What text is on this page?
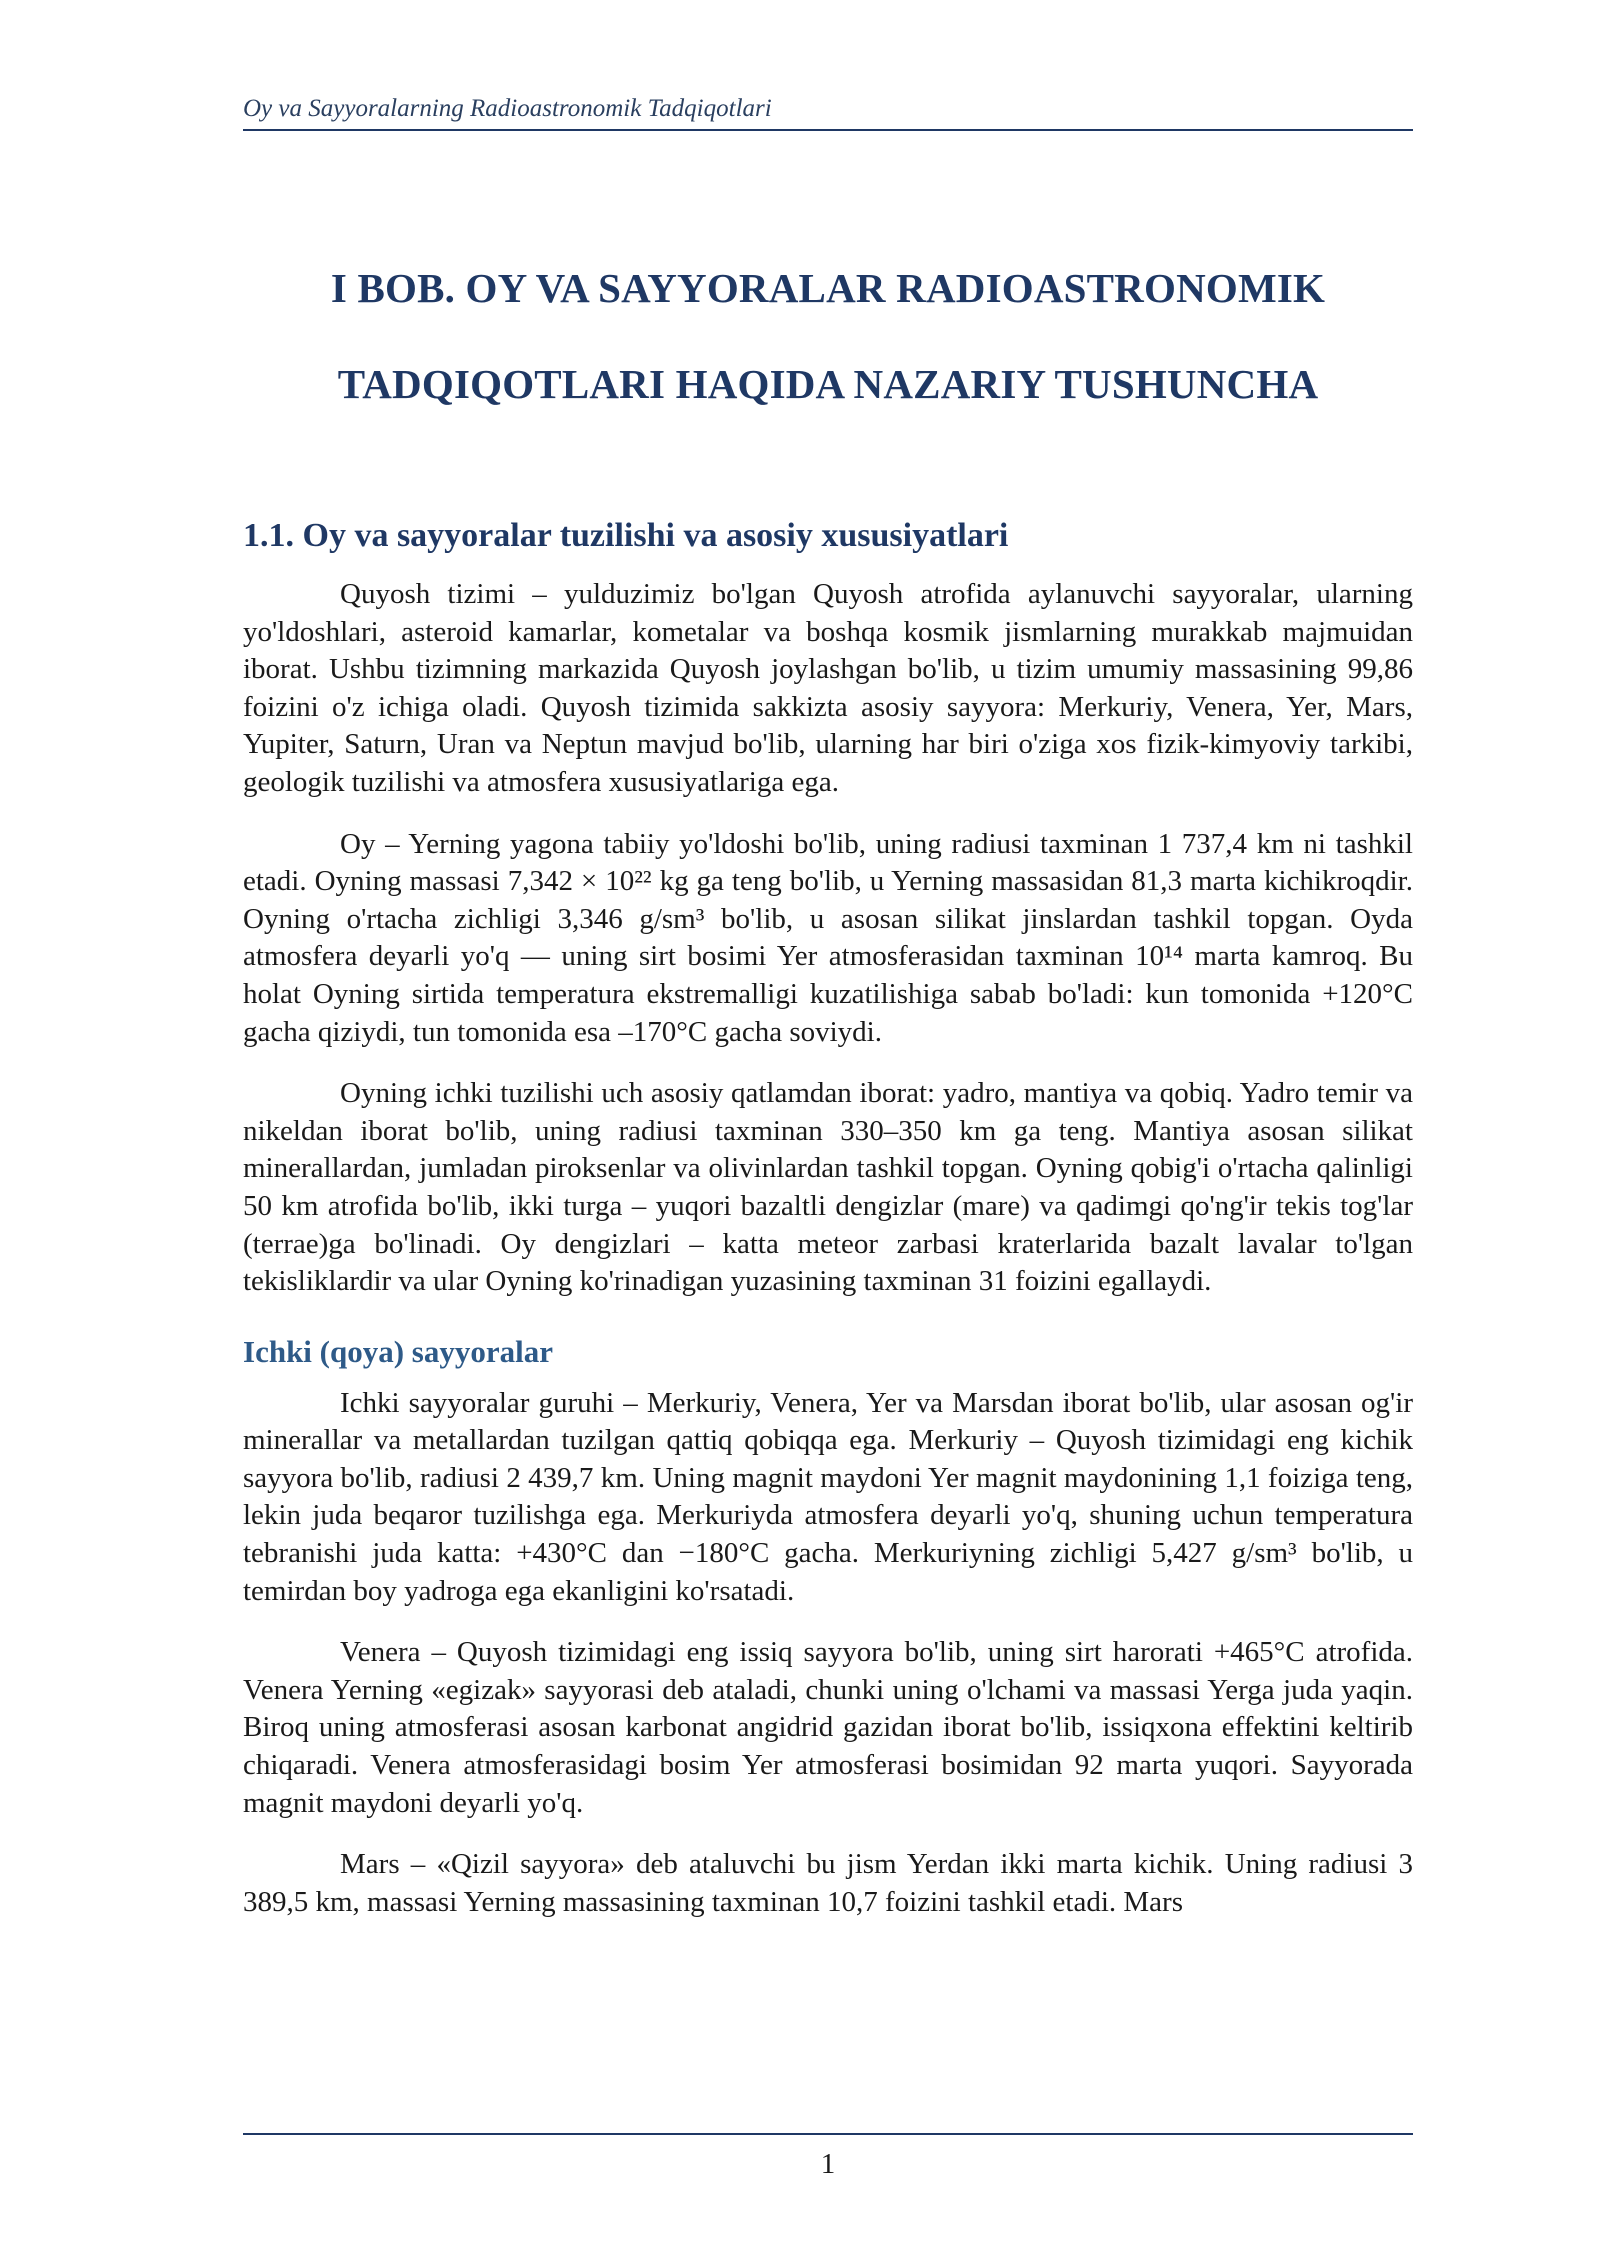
Oy va Sayyoralarning Radioastronomik Tadqiqotlari
I BOB. OY VA SAYYORALAR RADIOASTRONOMIK
TADQIQOTLARI HAQIDA NAZARIY TUSHUNCHA
1.1. Oy va sayyoralar tuzilishi va asosiy xususiyatlari

Quyosh tizimi – yulduzimiz bo'lgan Quyosh atrofida aylanuvchi sayyoralar, ularning yo'ldoshlari, asteroid kamarlar, kometalar va boshqa kosmik jismlarning murakkab majmuidan iborat. Ushbu tizimning markazida Quyosh joylashgan bo'lib, u tizim umumiy massasining 99,86 foizini o'z ichiga oladi. Quyosh tizimida sakkizta asosiy sayyora: Merkuriy, Venera, Yer, Mars, Yupiter, Saturn, Uran va Neptun mavjud bo'lib, ularning har biri o'ziga xos fizik-kimyoviy tarkibi, geologik tuzilishi va atmosfera xususiyatlariga ega.

Oy – Yerning yagona tabiiy yo'ldoshi bo'lib, uning radiusi taxminan 1 737,4 km ni tashkil etadi. Oyning massasi 7,342 × 10²² kg ga teng bo'lib, u Yerning massasidan 81,3 marta kichikroqdir. Oyning o'rtacha zichligi 3,346 g/sm³ bo'lib, u asosan silikat jinslardan tashkil topgan. Oyda atmosfera deyarli yo'q — uning sirt bosimi Yer atmosferasidan taxminan 10¹⁴ marta kamroq. Bu holat Oyning sirtida temperatura ekstremalligi kuzatilishiga sabab bo'ladi: kun tomonida +120°C gacha qiziydi, tun tomonida esa –170°C gacha soviydi.

Oyning ichki tuzilishi uch asosiy qatlamdan iborat: yadro, mantiya va qobiq. Yadro temir va nikeldan iborat bo'lib, uning radiusi taxminan 330–350 km ga teng. Mantiya asosan silikat minerallardan, jumladan piroksenlar va olivinlardan tashkil topgan. Oyning qobig'i o'rtacha qalinligi 50 km atrofida bo'lib, ikki turga – yuqori bazaltli dengizlar (mare) va qadimgi qo'ng'ir tekis tog'lar (terrae)ga bo'linadi. Oy dengizlari – katta meteor zarbasi kraterlarida bazalt lavalar to'lgan tekisliklardir va ular Oyning ko'rinadigan yuzasining taxminan 31 foizini egallaydi.

Ichki (qoya) sayyoralar

Ichki sayyoralar guruhi – Merkuriy, Venera, Yer va Marsdan iborat bo'lib, ular asosan og'ir minerallar va metallardan tuzilgan qattiq qobiqqa ega. Merkuriy – Quyosh tizimidagi eng kichik sayyora bo'lib, radiusi 2 439,7 km. Uning magnit maydoni Yer magnit maydonining 1,1 foiziga teng, lekin juda beqaror tuzilishga ega. Merkuriyda atmosfera deyarli yo'q, shuning uchun temperatura tebranishi juda katta: +430°C dan −180°C gacha. Merkuriyning zichligi 5,427 g/sm³ bo'lib, u temirdan boy yadroga ega ekanligini ko'rsatadi.

Venera – Quyosh tizimidagi eng issiq sayyora bo'lib, uning sirt harorati +465°C atrofida. Venera Yerning «egizak» sayyorasi deb ataladi, chunki uning o'lchami va massasi Yerga juda yaqin. Biroq uning atmosferasi asosan karbonat angidrid gazidan iborat bo'lib, issiqxona effektini keltirib chiqaradi. Venera atmosferasidagi bosim Yer atmosferasi bosimidan 92 marta yuqori. Sayyorada magnit maydoni deyarli yo'q.

Mars – «Qizil sayyora» deb ataluvchi bu jism Yerdan ikki marta kichik. Uning radiusi 3 389,5 km, massasi Yerning massasining taxminan 10,7 foizini tashkil etadi. Mars

1
